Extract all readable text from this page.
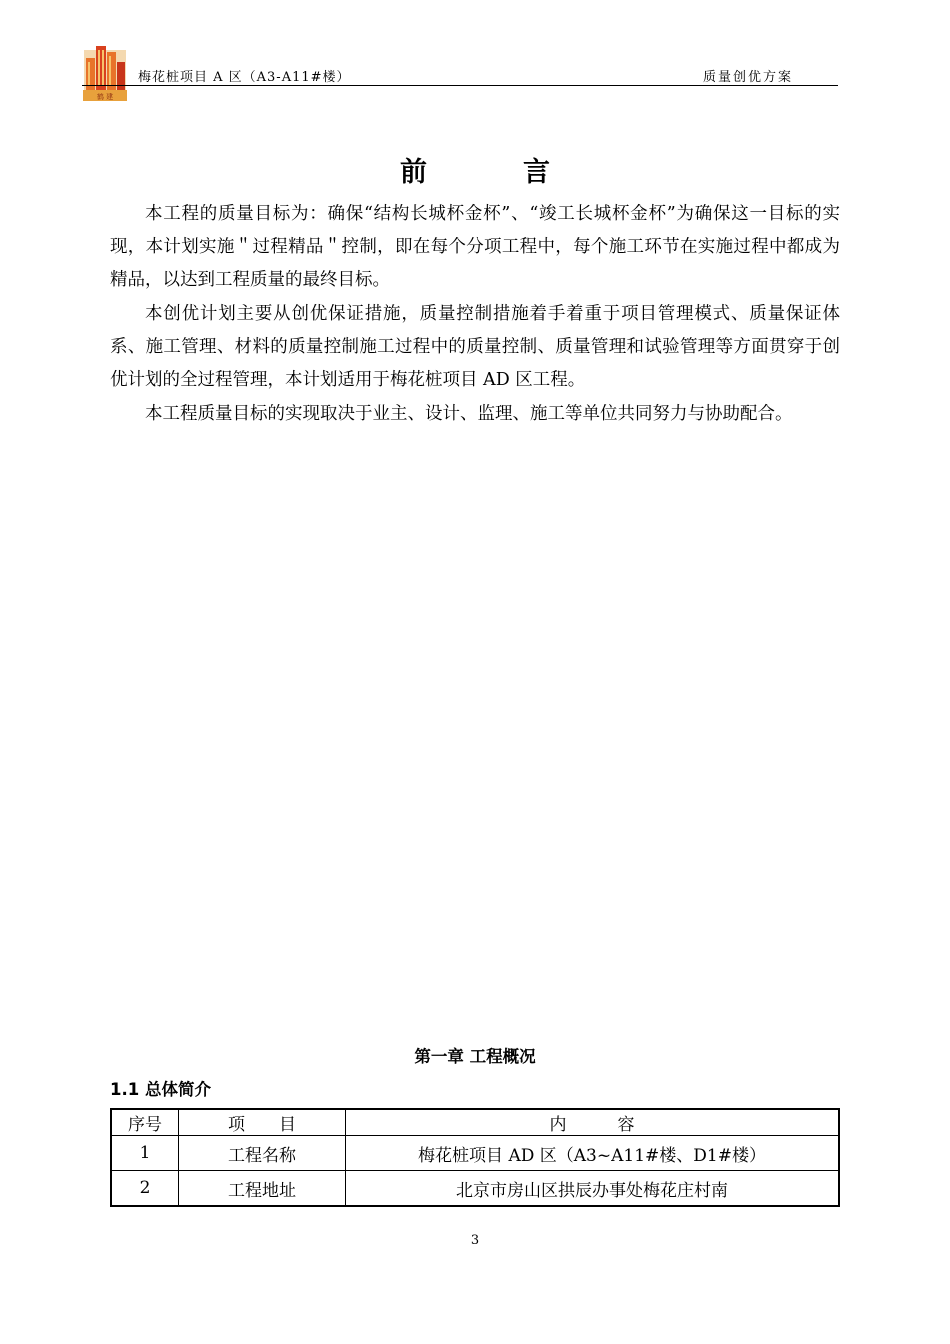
鹤 建
梅花桩项目 A 区（A3-A11#楼）	质量创优方案
前	言

本工程的质量目标为：确保“结构长城杯金杯”、“竣工长城杯金杯”为确保这一目标的实现，本计划实施＂过程精品＂控制，即在每个分项工程中，每个施工环节在实施过程中都成为精品，以达到工程质量的最终目标。

本创优计划主要从创优保证措施，质量控制措施着手着重于项目管理模式、质量保证体系、施工管理、材料的质量控制施工过程中的质量控制、质量管理和试验管理等方面贯穿于创优计划的全过程管理，本计划适用于梅花桩项目 AD 区工程。

本工程质量目标的实现取决于业主、设计、监理、施工等单位共同努力与协助配合。

第一章 工程概况
1.1 总体简介
序号	项　　目	内　　　容
1	工程名称	梅花桩项目 AD 区（A3~A11#楼、D1#楼）
2	工程地址	北京市房山区拱辰办事处梅花庄村南
3
